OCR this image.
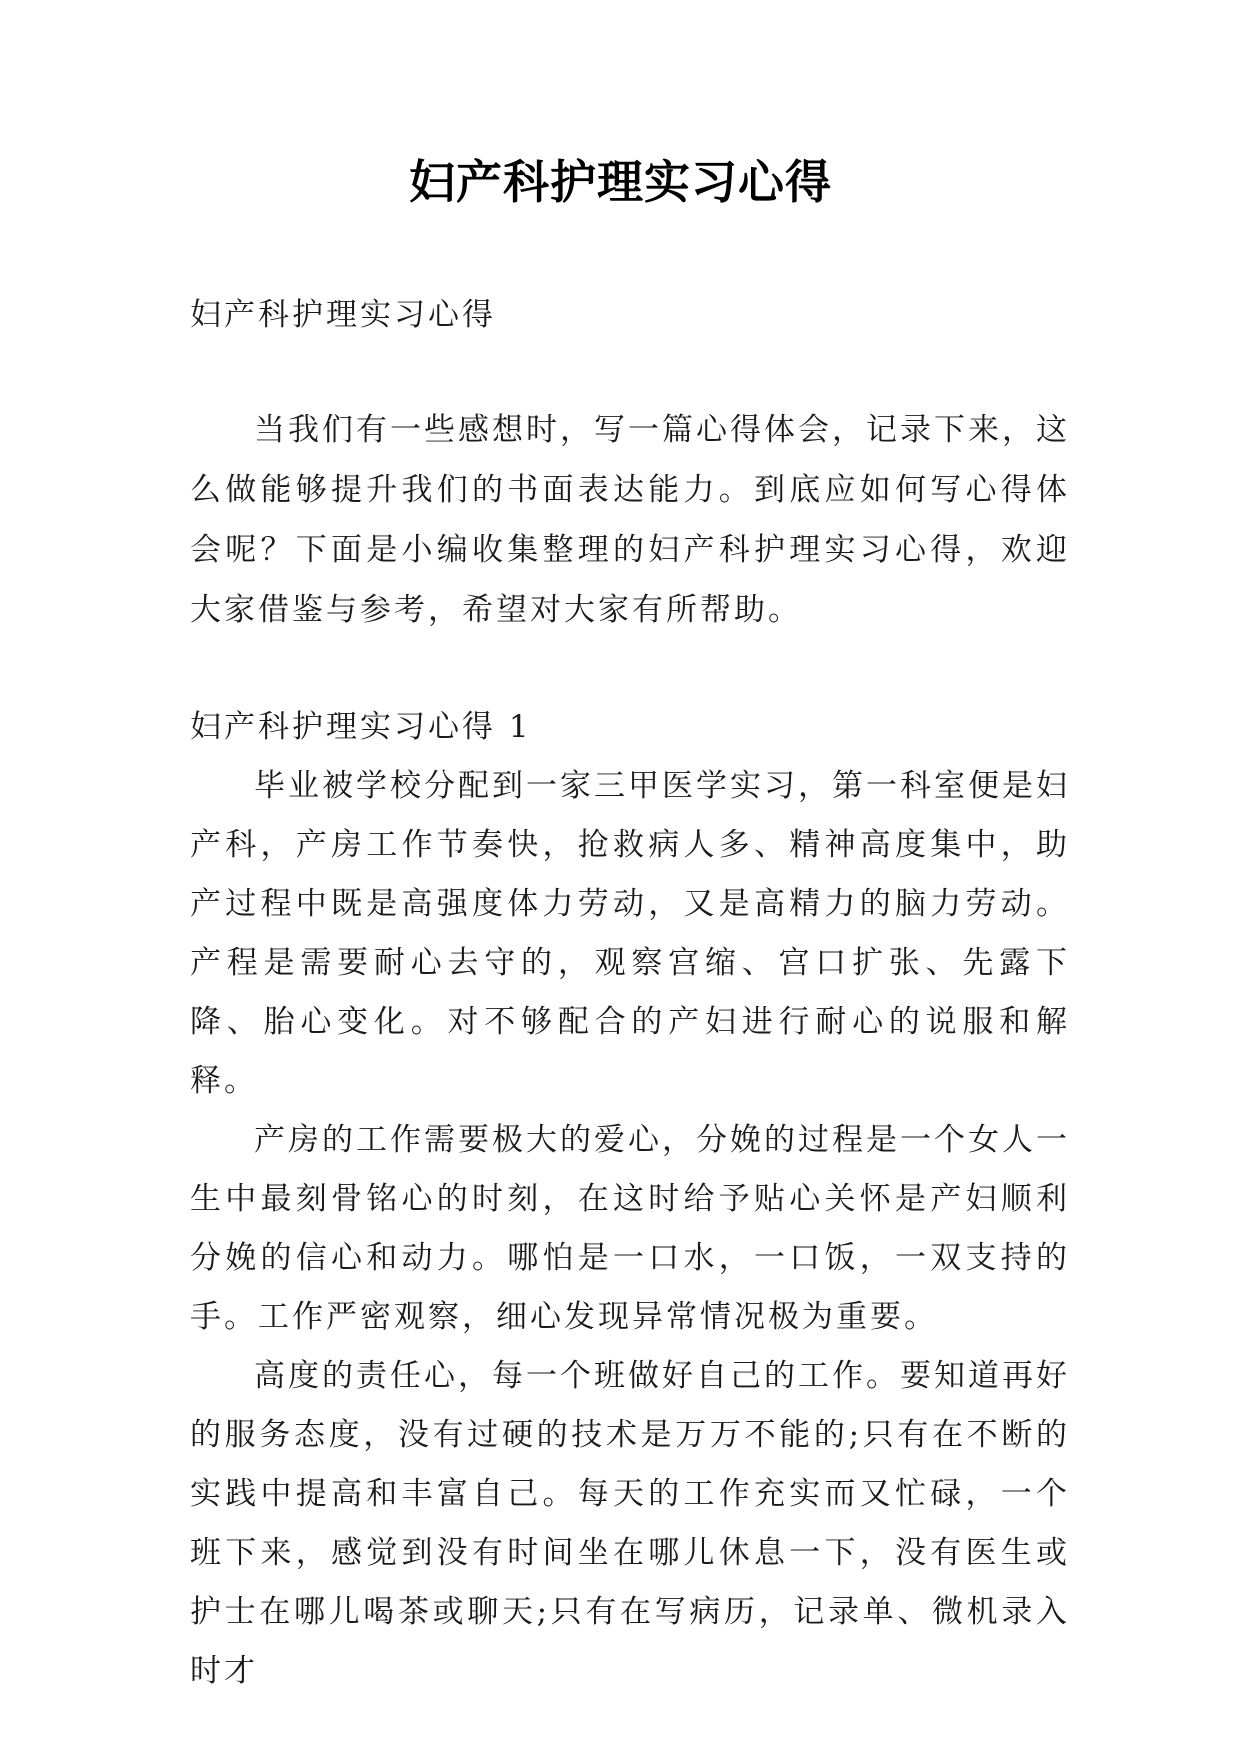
妇产科护理实习心得
妇产科护理实习心得

当我们有一些感想时，写一篇心得体会，记录下来，这么做能够提升我们的书面表达能力。到底应如何写心得体会呢？下面是小编收集整理的妇产科护理实习心得，欢迎大家借鉴与参考，希望对大家有所帮助。

妇产科护理实习心得 1

毕业被学校分配到一家三甲医学实习，第一科室便是妇产科，产房工作节奏快，抢救病人多、精神高度集中，助产过程中既是高强度体力劳动，又是高精力的脑力劳动。产程是需要耐心去守的，观察宫缩、宫口扩张、先露下降、胎心变化。对不够配合的产妇进行耐心的说服和解释。

产房的工作需要极大的爱心，分娩的过程是一个女人一生中最刻骨铭心的时刻，在这时给予贴心关怀是产妇顺利分娩的信心和动力。哪怕是一口水，一口饭，一双支持的手。工作严密观察，细心发现异常情况极为重要。

高度的责任心，每一个班做好自己的工作。要知道再好的服务态度，没有过硬的技术是万万不能的;只有在不断的实践中提高和丰富自己。每天的工作充实而又忙碌，一个班下来，感觉到没有时间坐在哪儿休息一下，没有医生或护士在哪儿喝茶或聊天;只有在写病历，记录单、微机录入时才
